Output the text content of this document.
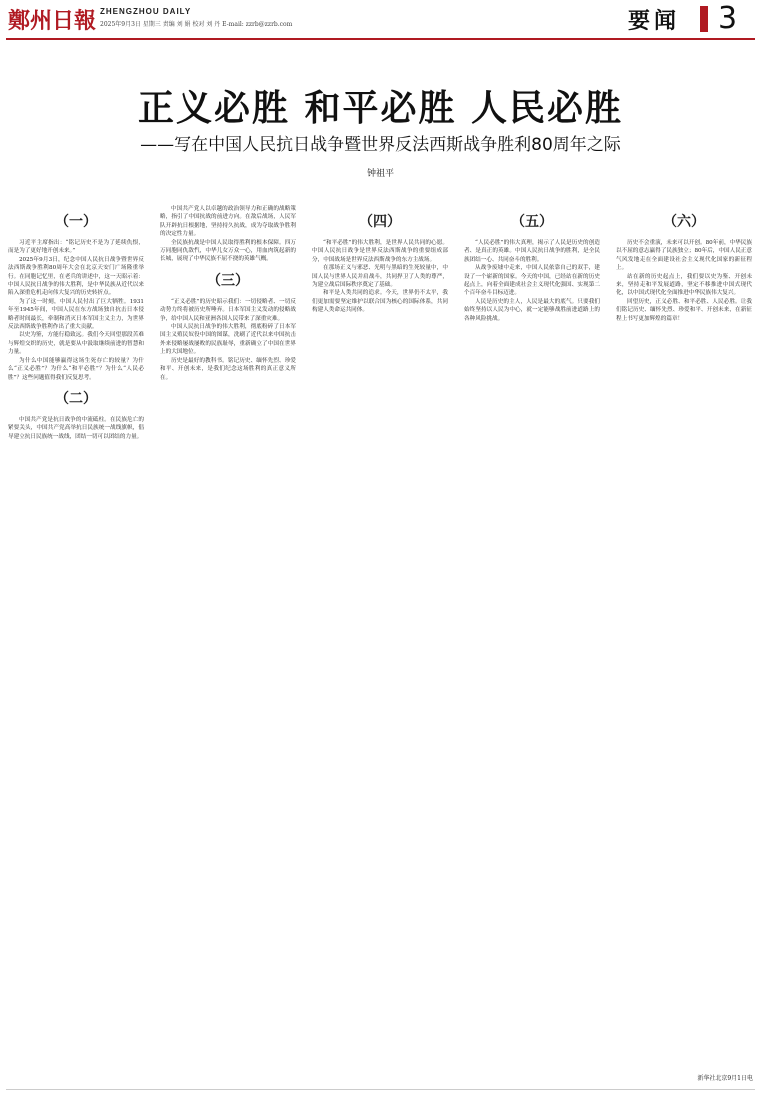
鄭州日報 ZHENGZHOU DAILY
2025年9月3日 星期三 责编 刘 娟 校对 刘 丹 E-mail: zzrb@zzrb.com	要闻 3
正义必胜 和平必胜 人民必胜
——写在中国人民抗日战争暨世界反法西斯战争胜利80周年之际
钟祖平
（一）

习近平主席指出：“铭记历史不是为了延续仇恨，而是为了更好地开创未来。”

2025年9月3日，纪念中国人民抗日战争暨世界反法西斯战争胜利80周年大会在北京天安门广场隆重举行。在同胞记忆里，在老兵的讲述中，这一天昭示着：中国人民抗日战争的伟大胜利，是中华民族从近代以来陷入深重危机走向伟大复兴的历史转折点。

为了这一时刻，中国人民付出了巨大牺牲。1931年至1945年间，中国人民在东方战场独自抗击日本侵略者时间最长，牵制和消灭日本军国主义主力，为世界反法西斯战争胜利作出了重大贡献。

以史为鉴，方能行稳致远。我们今天回望那段苦难与辉煌交织的历史，就是要从中汲取继续前进的智慧和力量。

为什么中国能够赢得这场生死存亡的较量？为什么“正义必胜”？为什么“和平必胜”？为什么“人民必胜”？这些问题值得我们反复思考。

（二）

中国共产党是抗日战争的中流砥柱。在民族危亡的紧要关头，中国共产党高举抗日民族统一战线旗帜，倡导建立抗日民族统一战线，团结一切可以团结的力量。

中国共产党人以卓越的政治领导力和正确的战略策略，指引了中国抗战的前进方向。在敌后战场，人民军队开辟抗日根据地，坚持持久抗战，成为夺取战争胜利的决定性力量。

全民族抗战是中国人民取得胜利的根本保障。四万万同胞同仇敌忾，中华儿女万众一心，用血肉筑起新的长城，展现了中华民族不屈不挠的英雄气概。

（三）

“正义必胜”的历史昭示我们：一切侵略者、一切反动势力终将被历史所唾弃。日本军国主义发动的侵略战争，给中国人民和亚洲各国人民带来了深重灾难。

中国人民抗日战争的伟大胜利，彻底粉碎了日本军国主义殖民奴役中国的图谋，洗刷了近代以来中国抗击外来侵略屡战屡败的民族耻辱，重新确立了中国在世界上的大国地位。

历史是最好的教科书。铭记历史、缅怀先烈、珍爱和平、开创未来，是我们纪念这场胜利的真正意义所在。

（四）

“和平必胜”的伟大胜利，是世界人民共同的心愿。中国人民抗日战争是世界反法西斯战争的重要组成部分，中国战场是世界反法西斯战争的东方主战场。

在那场正义与邪恶、光明与黑暗的生死较量中，中国人民与世界人民并肩战斗，共同捍卫了人类的尊严，为建立战后国际秩序奠定了基础。

和平是人类共同的追求。今天，世界仍不太平，我们更加需要坚定维护以联合国为核心的国际体系，共同构建人类命运共同体。

（五）

“人民必胜”的伟大真理，揭示了人民是历史的创造者、是真正的英雄。中国人民抗日战争的胜利，是全民族团结一心、共同奋斗的胜利。

从战争废墟中走来，中国人民依靠自己的双手，建设了一个崭新的国家。今天的中国，已经站在新的历史起点上，向着全面建成社会主义现代化强国、实现第二个百年奋斗目标迈进。

人民是历史的主人，人民是最大的底气。只要我们始终坚持以人民为中心，就一定能够战胜前进道路上的各种风险挑战。

（六）

历史不会重演，未来可以开创。80年前，中华民族以不屈的意志赢得了民族独立；80年后，中国人民正意气风发地走在全面建设社会主义现代化国家的新征程上。

站在新的历史起点上，我们要以史为鉴、开创未来，坚持走和平发展道路，坚定不移推进中国式现代化，以中国式现代化全面推进中华民族伟大复兴。

回望历史，正义必胜、和平必胜、人民必胜。让我们铭记历史、缅怀先烈、珍爱和平、开创未来，在新征程上书写更加辉煌的篇章！

新华社北京9月1日电
